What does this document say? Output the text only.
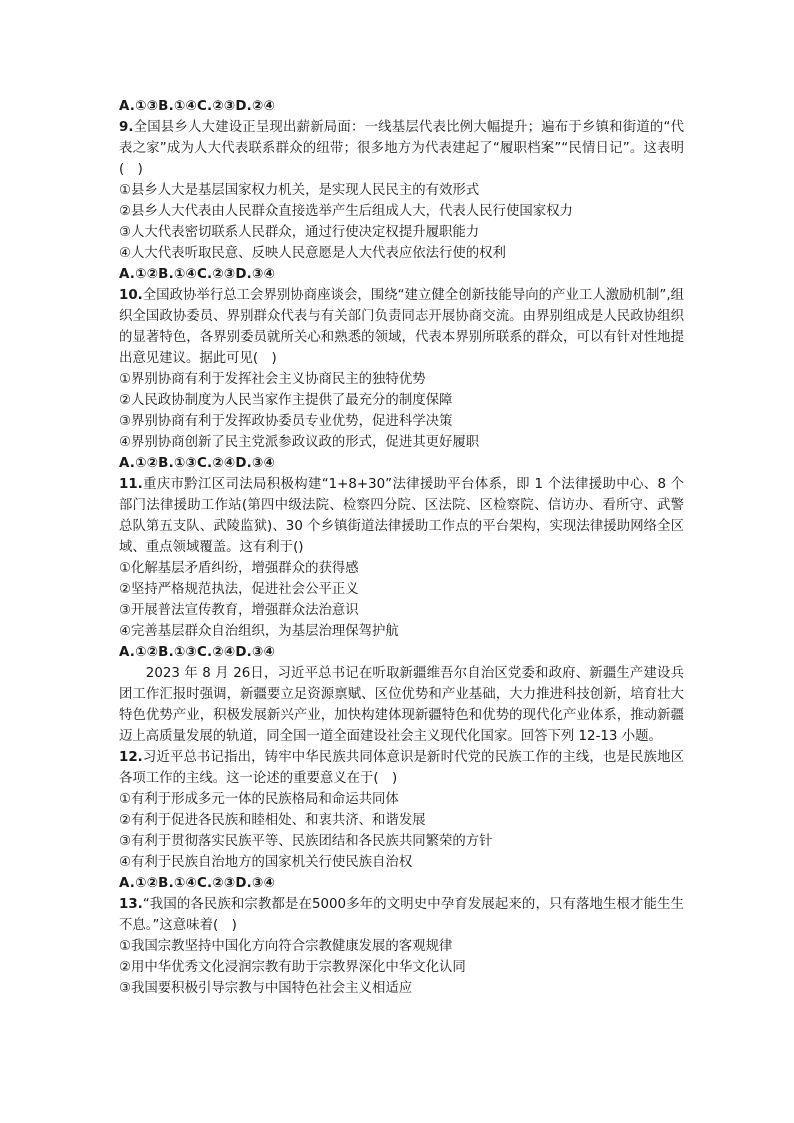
A.①③B.①④C.②③D.②④

9.全国县乡人大建设正呈现出薪新局面：一线基层代表比例大幅提升；遍布于乡镇和街道的“代表之家”成为人大代表联系群众的纽带；很多地方为代表建起了“履职档案”“民情日记”。这表明(　)

①县乡人大是基层国家权力机关，是实现人民民主的有效形式

②县乡人大代表由人民群众直接选举产生后组成人大，代表人民行使国家权力

③人大代表密切联系人民群众，通过行使决定权提升履职能力

④人大代表听取民意、反映人民意愿是人大代表应依法行使的权利

A.①②B.①④C.②③D.③④

10.全国政协举行总工会界别协商座谈会，围绕“建立健全创新技能导向的产业工人激励机制”,组织全国政协委员、界别群众代表与有关部门负责同志开展协商交流。由界别组成是人民政协组织的显著特色，各界别委员就所关心和熟悉的领域，代表本界别所联系的群众，可以有针对性地提出意见建议。据此可见(　)

①界别协商有利于发挥社会主义协商民主的独特优势

②人民政协制度为人民当家作主提供了最充分的制度保障

③界别协商有利于发挥政协委员专业优势，促进科学决策

④界别协商创新了民主党派参政议政的形式，促进其更好履职

A.①②B.①③C.②④D.③④

11.重庆市黔江区司法局积极构建“1+8+30”法律援助平台体系，即 1 个法律援助中心、8 个部门法律援助工作站(第四中级法院、检察四分院、区法院、区检察院、信访办、看所守、武警总队第五支队、武陵监狱)、30 个乡镇街道法律援助工作点的平台架构，实现法律援助网络全区域、重点领域覆盖。这有利于()

①化解基层矛盾纠纷，增强群众的获得感

②坚持严格规范执法，促进社会公平正义

③开展普法宣传教育，增强群众法治意识

④完善基层群众自治组织，为基层治理保驾护航

A.①②B.①③C.②④D.③④

2023 年 8 月 26日，习近平总书记在听取新疆维吾尔自治区党委和政府、新疆生产建设兵团工作汇报时强调，新疆要立足资源禀赋、区位优势和产业基础，大力推进科技创新，培育壮大特色优势产业，积极发展新兴产业，加快构建体现新疆特色和优势的现代化产业体系，推动新疆迈上高质量发展的轨道，同全国一道全面建设社会主义现代化国家。回答下列 12-13 小题。

12.习近平总书记指出，铸牢中华民族共同体意识是新时代党的民族工作的主线，也是民族地区各项工作的主线。这一论述的重要意义在于(　)

①有利于形成多元一体的民族格局和命运共同体

②有利于促进各民族和睦相处、和衷共济、和谐发展

③有利于贯彻落实民族平等、民族团结和各民族共同繁荣的方针

④有利于民族自治地方的国家机关行使民族自治权

A.①②B.①④C.②③D.③④

13.“我国的各民族和宗教都是在5000多年的文明史中孕育发展起来的，只有落地生根才能生生不息。”这意味着(　)

①我国宗教坚持中国化方向符合宗教健康发展的客观规律

②用中华优秀文化浸润宗教有助于宗教界深化中华文化认同

③我国要积极引导宗教与中国特色社会主义相适应
